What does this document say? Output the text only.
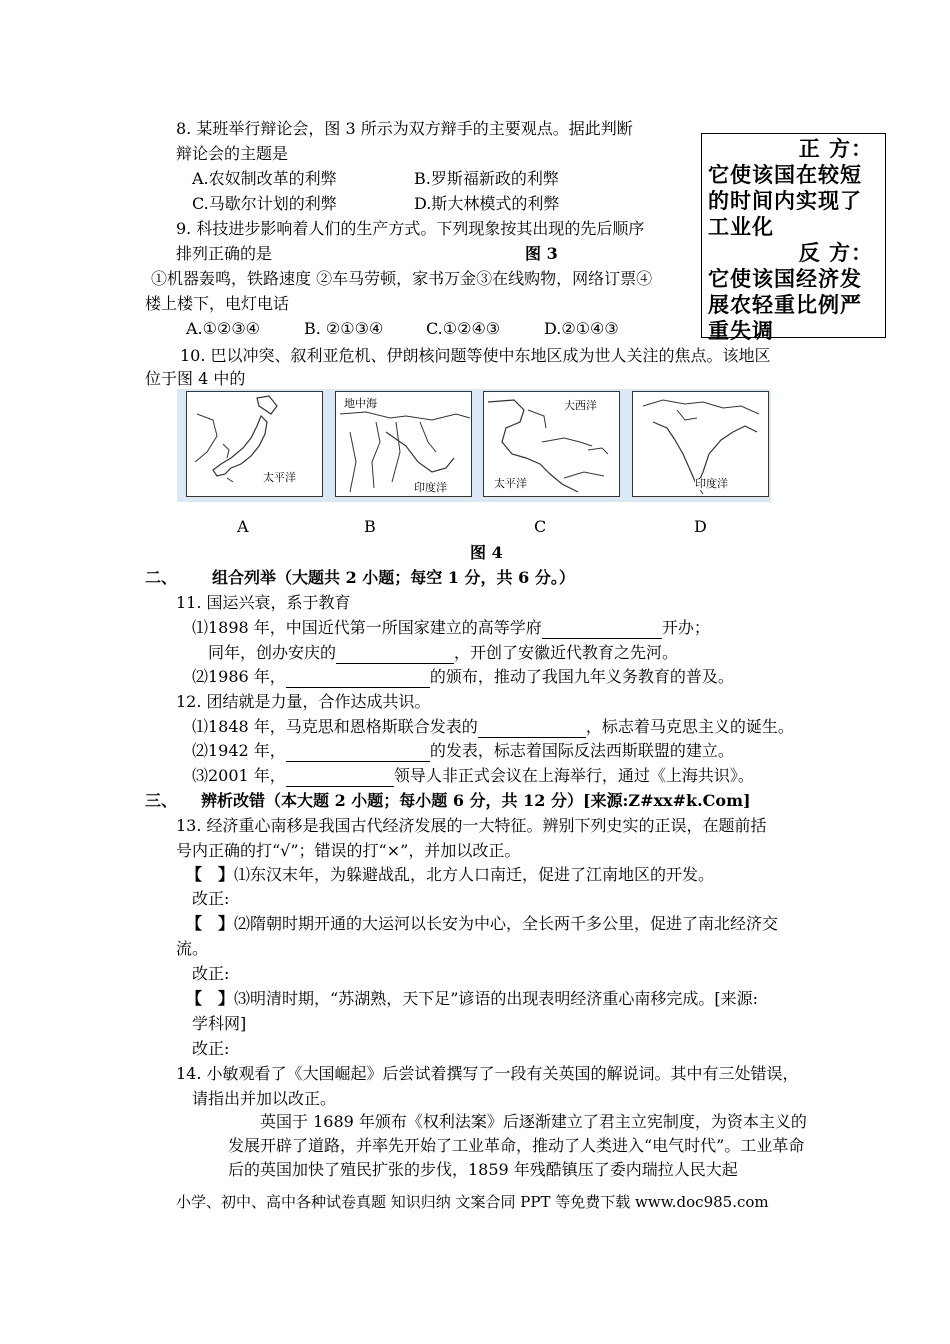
8. 某班举行辩论会，图 3 所示为双方辩手的主要观点。据此判断
辩论会的主题是
A.农奴制改革的利弊	B.罗斯福新政的利弊
C.马歇尔计划的利弊	D.斯大林模式的利弊

正 方：

它使该国在较短的时间内实现了工业化

反 方：

它使该国经济发展农轻重比例严重失调

9. 科技进步影响着人们的生产方式。下列现象按其出现的先后顺序
排列正确的是	图 3
①机器轰鸣，铁路速度 ②车马劳顿，家书万金③在线购物，网络订票④
楼上楼下，电灯电话
A.①②③④	B. ②①③④	C.①②④③	D.②①④③
10. 巴以冲突、叙利亚危机、伊朗核问题等使中东地区成为世人关注的焦点。该地区
位于图 4 中的
太平洋
地中海
印度洋
大西洋
太平洋	印度洋
A	B	C	D
图 4
二、 组合列举（大题共 2 小题；每空 1 分，共 6 分。）
11. 国运兴衰，系于教育
⑴1898 年，中国近代第一所国家建立的高等学府	开办；
同年，创办安庆的	，开创了安徽近代教育之先河。
⑵1986 年，	的颁布，推动了我国九年义务教育的普及。
12. 团结就是力量，合作达成共识。
⑴1848 年，马克思和恩格斯联合发表的	，标志着马克思主义的诞生。
⑵1942 年，	的发表，标志着国际反法西斯联盟的建立。
⑶2001 年，	领导人非正式会议在上海举行，通过《上海共识》。
三、 辨析改错（本大题 2 小题；每小题 6 分，共 12 分）[来源:Z#xx#k.Com]
13. 经济重心南移是我国古代经济发展的一大特征。辨别下列史实的正误，在题前括
号内正确的打“√”；错误的打“×”，并加以改正。
【　】⑴东汉末年，为躲避战乱，北方人口南迁，促进了江南地区的开发。
改正:
【　】⑵隋朝时期开通的大运河以长安为中心，全长两千多公里，促进了南北经济交
流。
改正:
【　】⑶明清时期，“苏湖熟，天下足”谚语的出现表明经济重心南移完成。[来源:
学科网]
改正:
14. 小敏观看了《大国崛起》后尝试着撰写了一段有关英国的解说词。其中有三处错误，
请指出并加以改正。
英国于 1689 年颁布《权利法案》后逐渐建立了君主立宪制度，为资本主义的发展开辟了道路，并率先开始了工业革命，推动了人类进入“电气时代”。工业革命后的英国加快了殖民扩张的步伐，1859 年残酷镇压了委内瑞拉人民大起
小学、初中、高中各种试卷真题 知识归纳 文案合同 PPT 等免费下载 www.doc985.com
